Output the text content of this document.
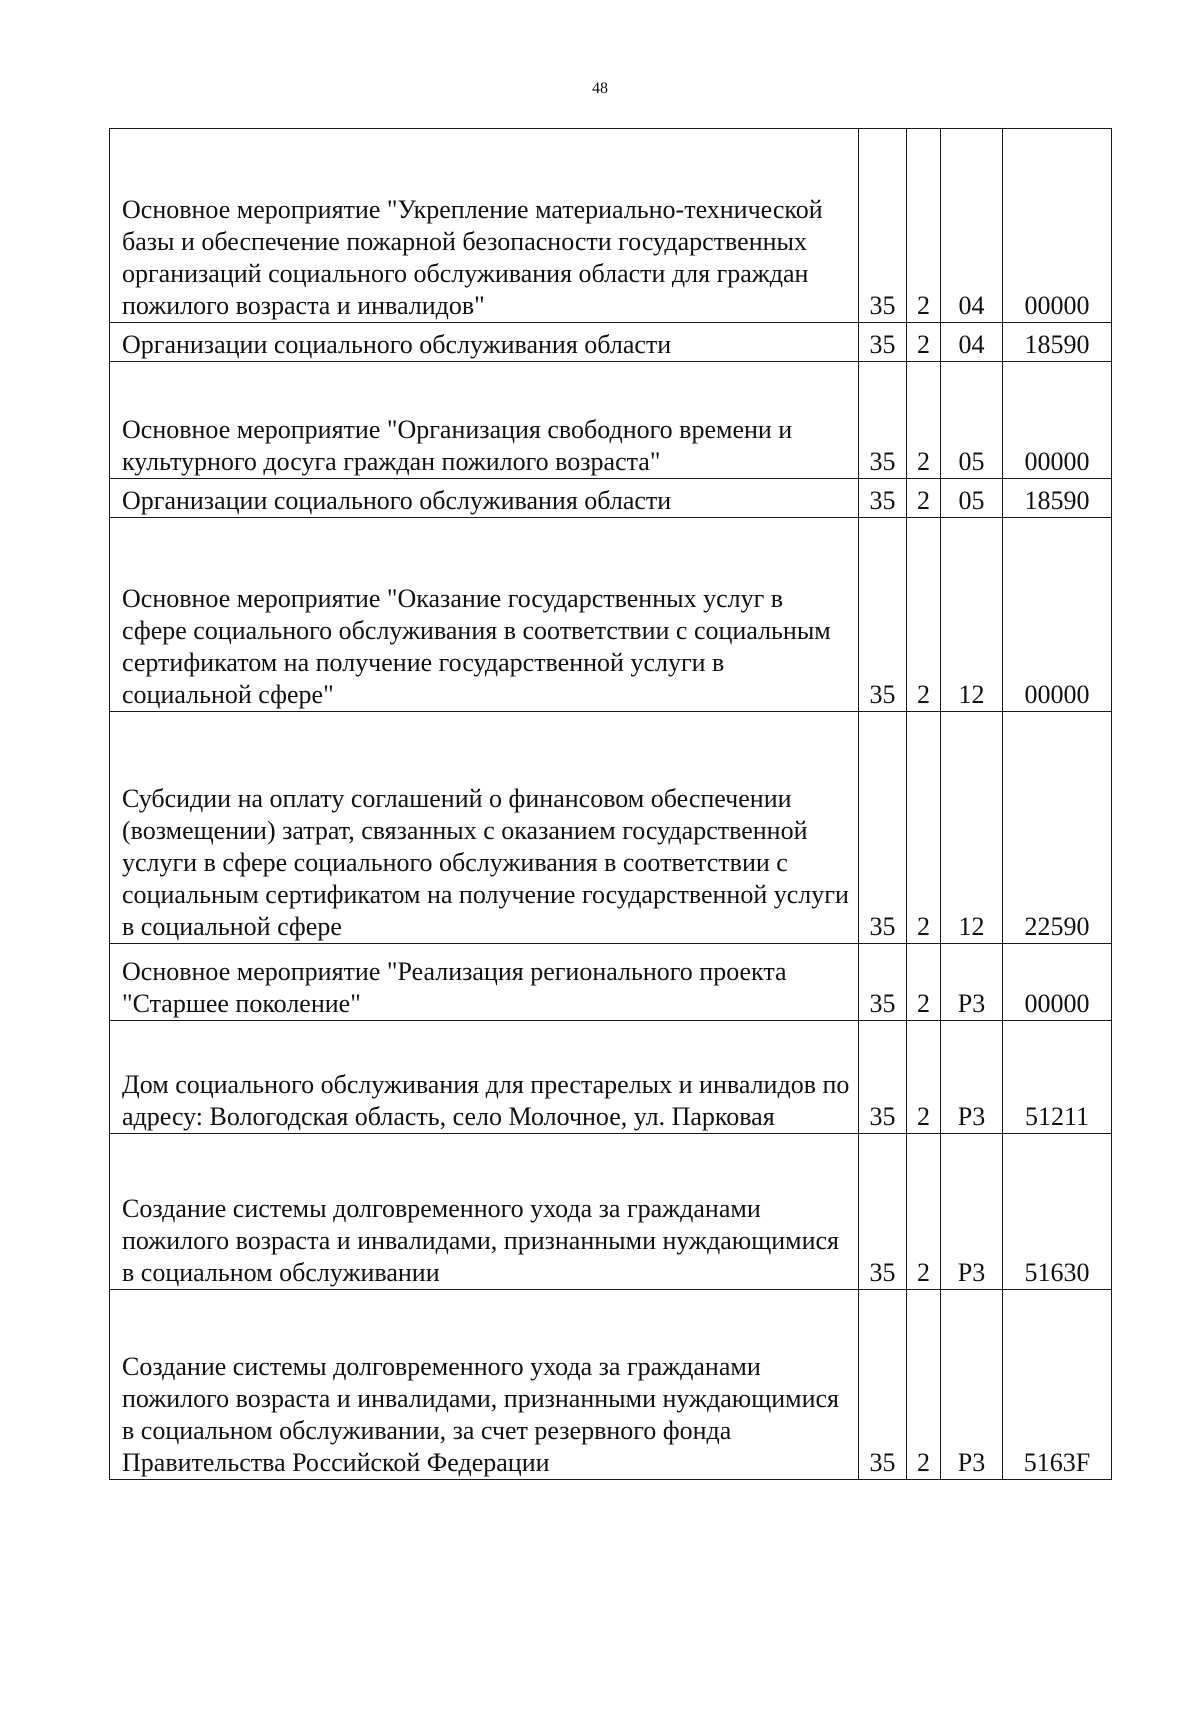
48
Основное мероприятие "Укрепление материально-технической базы и обеспечение пожарной безопасности государственных организаций социального обслуживания области для граждан пожилого возраста и инвалидов"	35	2	04	00000
Организации социального обслуживания области	35	2	04	18590
Основное мероприятие "Организация свободного времени и культурного досуга граждан пожилого возраста"	35	2	05	00000
Организации социального обслуживания области	35	2	05	18590
Основное мероприятие "Оказание государственных услуг в сфере социального обслуживания в соответствии с социальным сертификатом на получение государственной услуги в социальной сфере"	35	2	12	00000
Субсидии на оплату соглашений о финансовом обеспечении (возмещении) затрат, связанных с оказанием государственной услуги в сфере социального обслуживания в соответствии с социальным сертификатом на получение государственной услуги в социальной сфере	35	2	12	22590
Основное мероприятие "Реализация регионального проекта "Старшее поколение"	35	2	P3	00000
Дом социального обслуживания для престарелых и инвалидов по адресу: Вологодская область, село Молочное, ул. Парковая	35	2	P3	51211
Создание системы долговременного ухода за гражданами пожилого возраста и инвалидами, признанными нуждающимися в социальном обслуживании	35	2	P3	51630
Создание системы долговременного ухода за гражданами пожилого возраста и инвалидами, признанными нуждающимися в социальном обслуживании, за счет резервного фонда Правительства Российской Федерации	35	2	P3	5163F
